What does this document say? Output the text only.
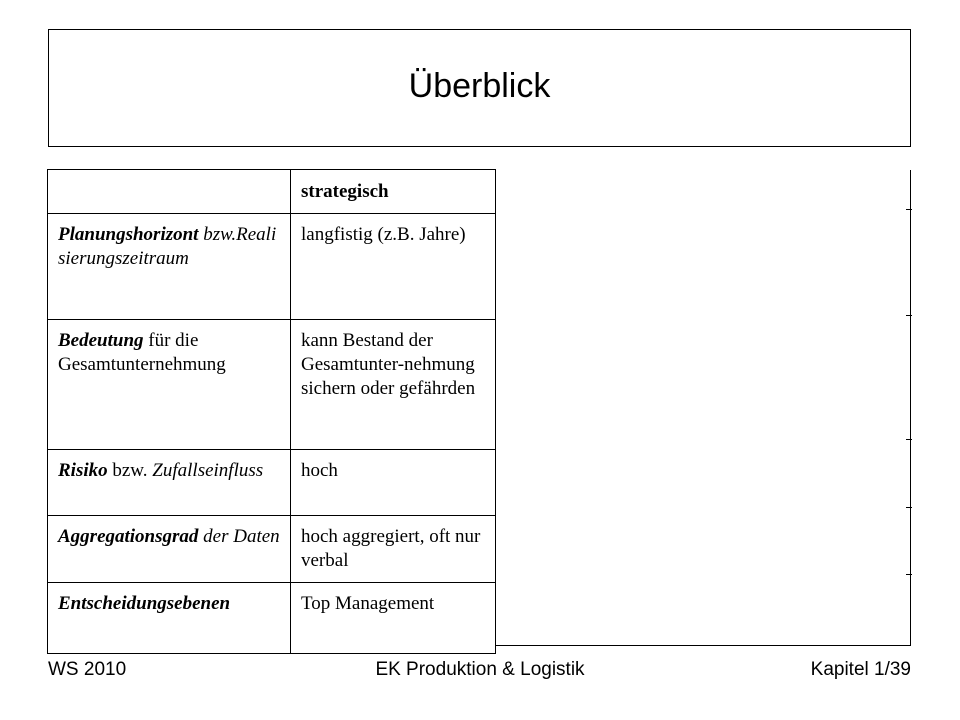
Überblick
	strategisch
Planungshorizont bzw.Realisierungszeitraum	langfistig (z.B. Jahre)
Bedeutung für die Gesamtunternehmung	kann Bestand der Gesamtunter-nehmung sichern oder gefährden
Risiko bzw. Zufallseinfluss	hoch
Aggregationsgrad der Daten	hoch aggregiert, oft nur verbal
Entscheidungsebenen	Top Management
WS 2010	EK Produktion & Logistik	Kapitel 1/39
